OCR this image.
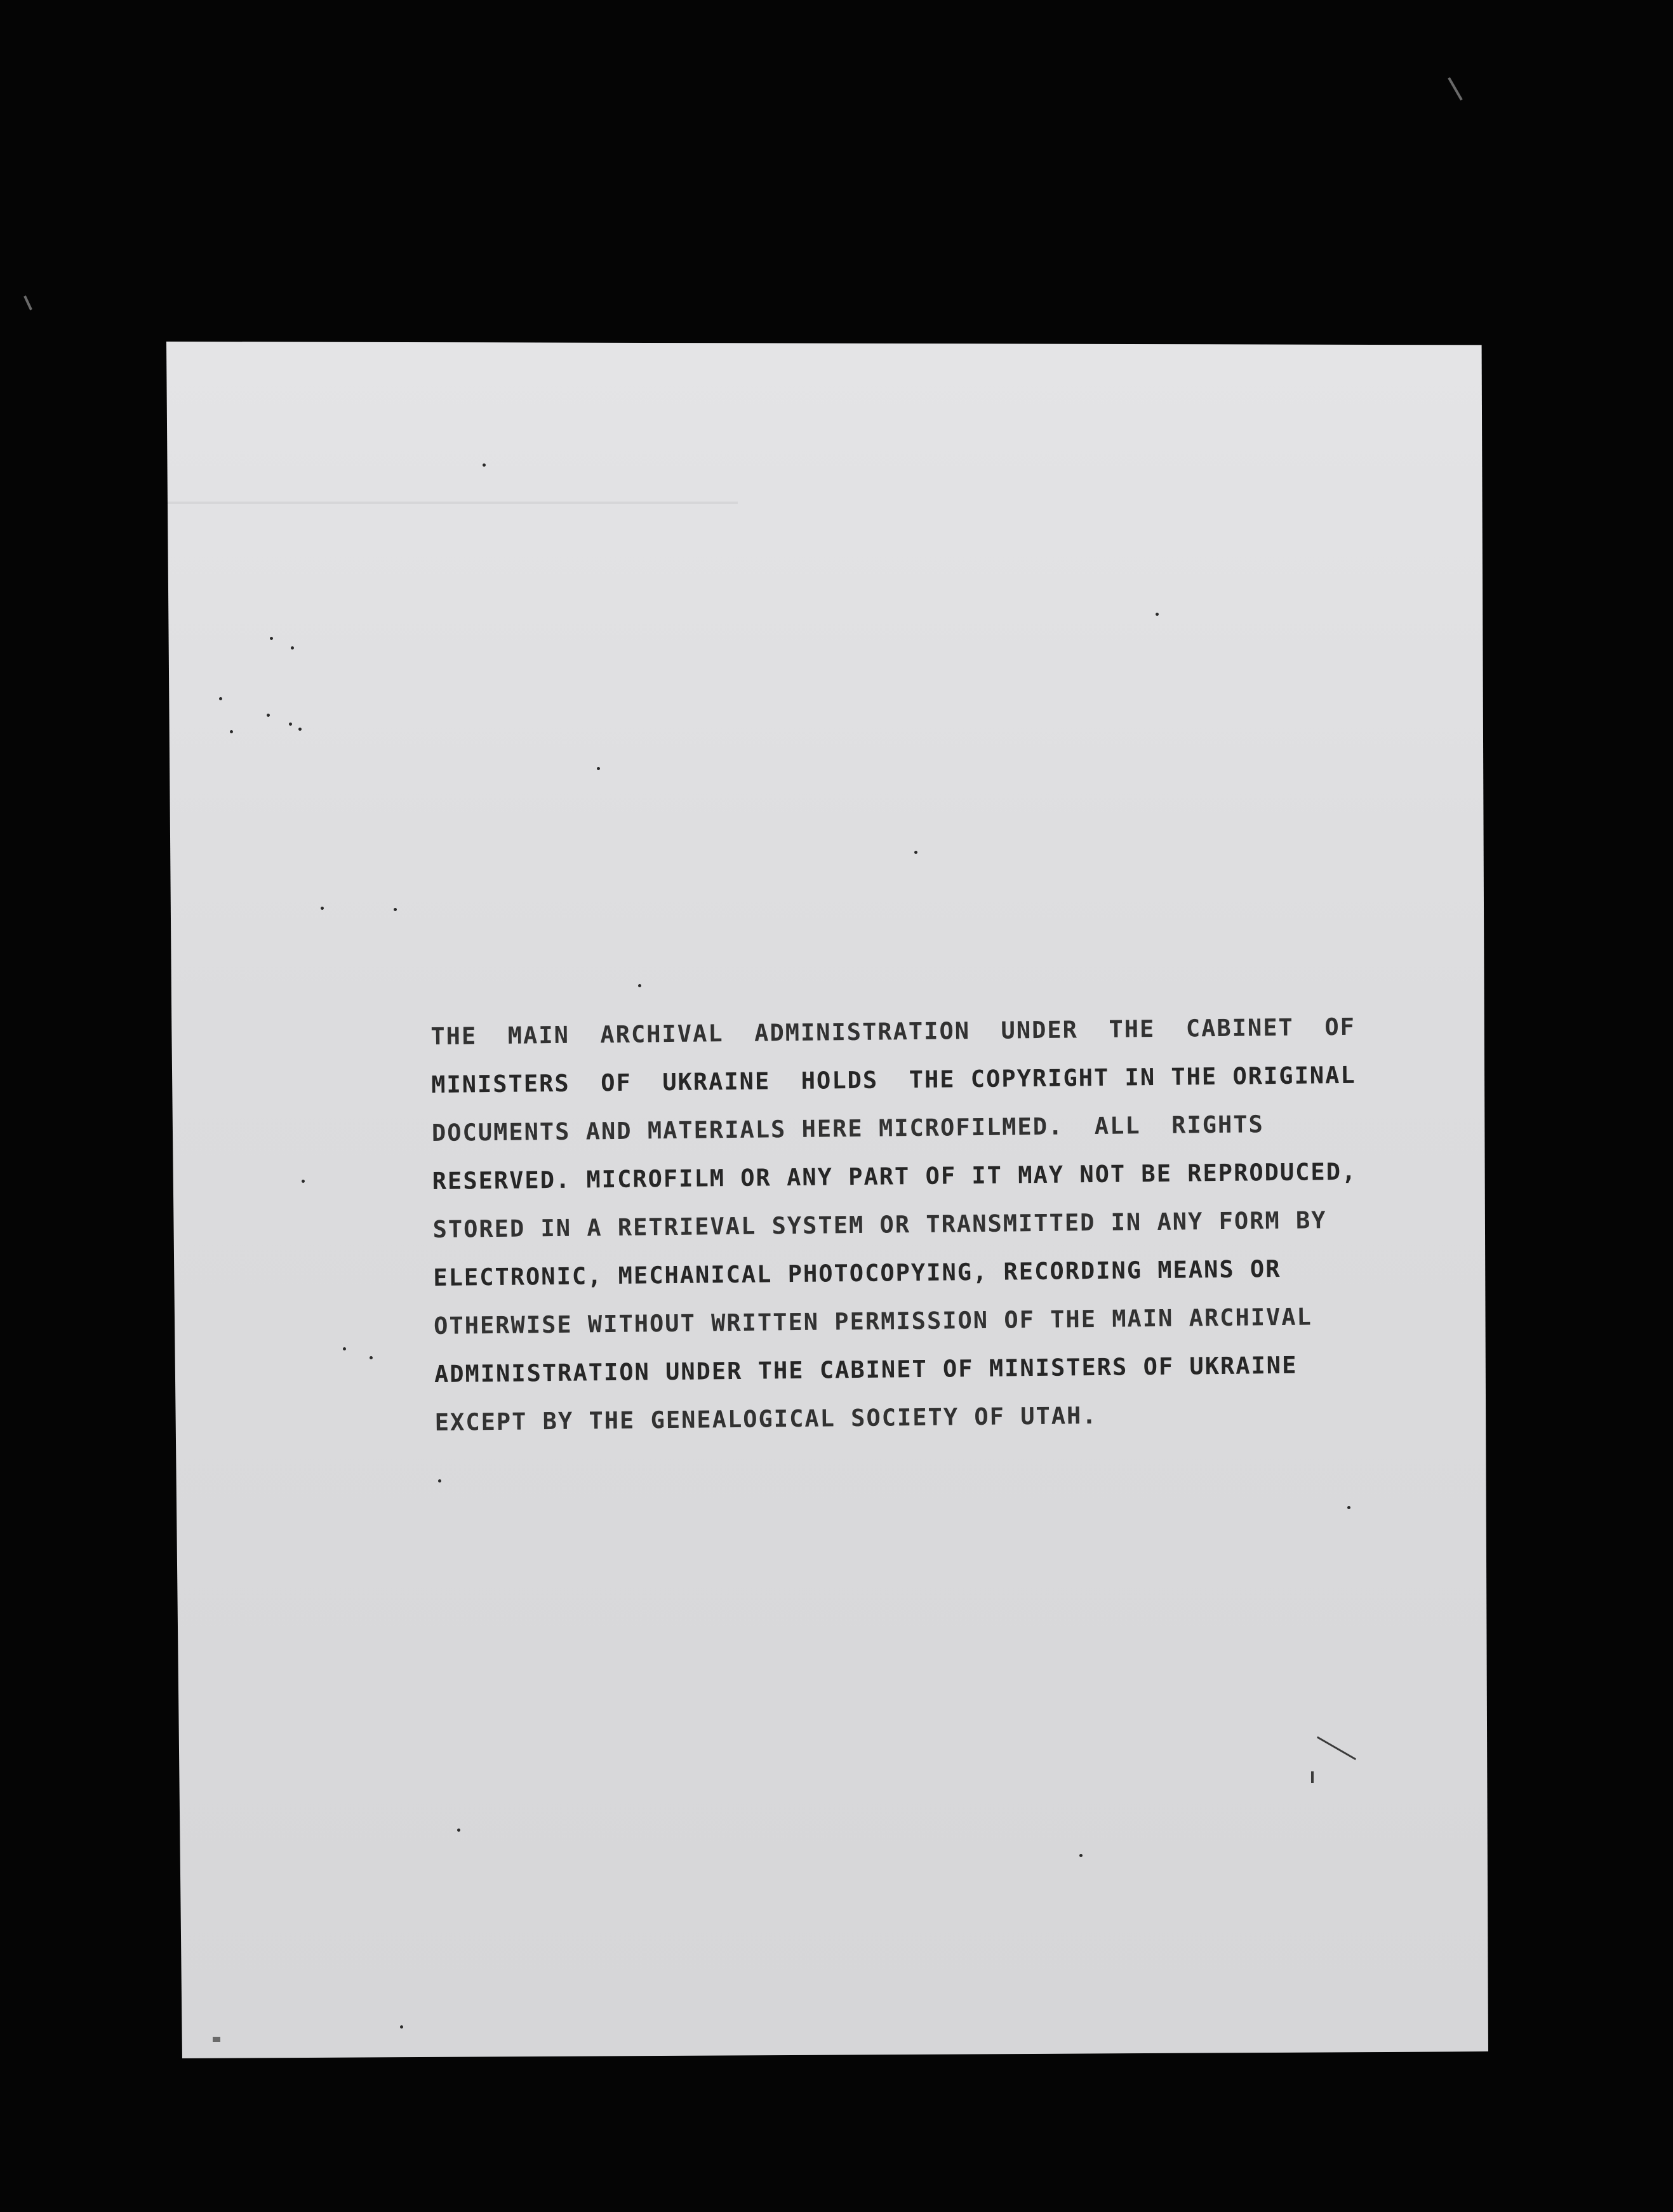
THE  MAIN  ARCHIVAL  ADMINISTRATION  UNDER  THE  CABINET  OF
MINISTERS  OF  UKRAINE  HOLDS  THE COPYRIGHT IN THE ORIGINAL
DOCUMENTS AND MATERIALS HERE MICROFILMED.  ALL  RIGHTS
RESERVED. MICROFILM OR ANY PART OF IT MAY NOT BE REPRODUCED,
STORED IN A RETRIEVAL SYSTEM OR TRANSMITTED IN ANY FORM BY
ELECTRONIC, MECHANICAL PHOTOCOPYING, RECORDING MEANS OR
OTHERWISE WITHOUT WRITTEN PERMISSION OF THE MAIN ARCHIVAL
ADMINISTRATION UNDER THE CABINET OF MINISTERS OF UKRAINE
EXCEPT BY THE GENEALOGICAL SOCIETY OF UTAH.
